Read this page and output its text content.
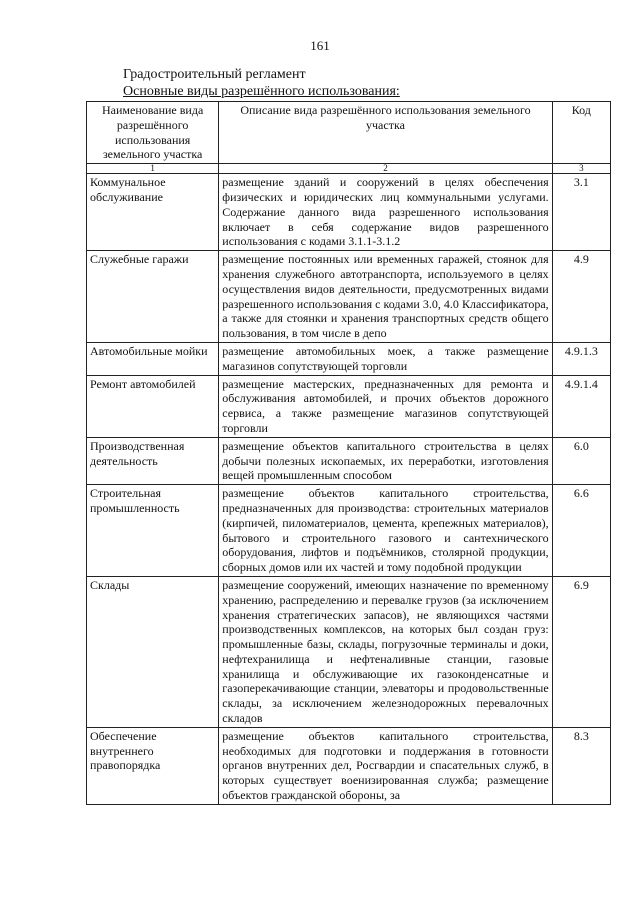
161
Градостроительный регламент
Основные виды разрешённого использования:
Наименование вида разрешённого использования земельного участка	Описание вида разрешённого использования земельного участка	Код
1	2	3
Коммунальное обслуживание	размещение зданий и сооружений в целях обеспечения физических и юридических лиц коммунальными услугами. Содержание данного вида разрешенного использования включает в себя содержание видов разрешенного использования с кодами 3.1.1-3.1.2	3.1
Служебные гаражи	размещение постоянных или временных гаражей, стоянок для хранения служебного автотранспорта, используемого в целях осуществления видов деятельности, предусмотренных видами разрешенного использования с кодами 3.0, 4.0 Классификатора, а также для стоянки и хранения транспортных средств общего пользования, в том числе в депо	4.9
Автомобильные мойки	размещение автомобильных моек, а также размещение магазинов сопутствующей торговли	4.9.1.3
Ремонт автомобилей	размещение мастерских, предназначенных для ремонта и обслуживания автомобилей, и прочих объектов дорожного сервиса, а также размещение магазинов сопутствующей торговли	4.9.1.4
Производственная деятельность	размещение объектов капитального строительства в целях добычи полезных ископаемых, их переработки, изготовления вещей промышленным способом	6.0
Строительная промышленность	размещение объектов капитального строительства, предназначенных для производства: строительных материалов (кирпичей, пиломатериалов, цемента, крепежных материалов), бытового и строительного газового и сантехнического оборудования, лифтов и подъёмников, столярной продукции, сборных домов или их частей и тому подобной продукции	6.6
Склады	размещение сооружений, имеющих назначение по временному хранению, распределению и перевалке грузов (за исключением хранения стратегических запасов), не являющихся частями производственных комплексов, на которых был создан груз: промышленные базы, склады, погрузочные терминалы и доки, нефтехранилища и нефтеналивные станции, газовые хранилища и обслуживающие их газоконденсатные и газоперекачивающие станции, элеваторы и продовольственные склады, за исключением железнодорожных перевалочных складов	6.9
Обеспечение внутреннего правопорядка	размещение объектов капитального строительства, необходимых для подготовки и поддержания в готовности органов внутренних дел, Росгвардии и спасательных служб, в которых существует военизированная служба; размещение объектов гражданской обороны, за	8.3
